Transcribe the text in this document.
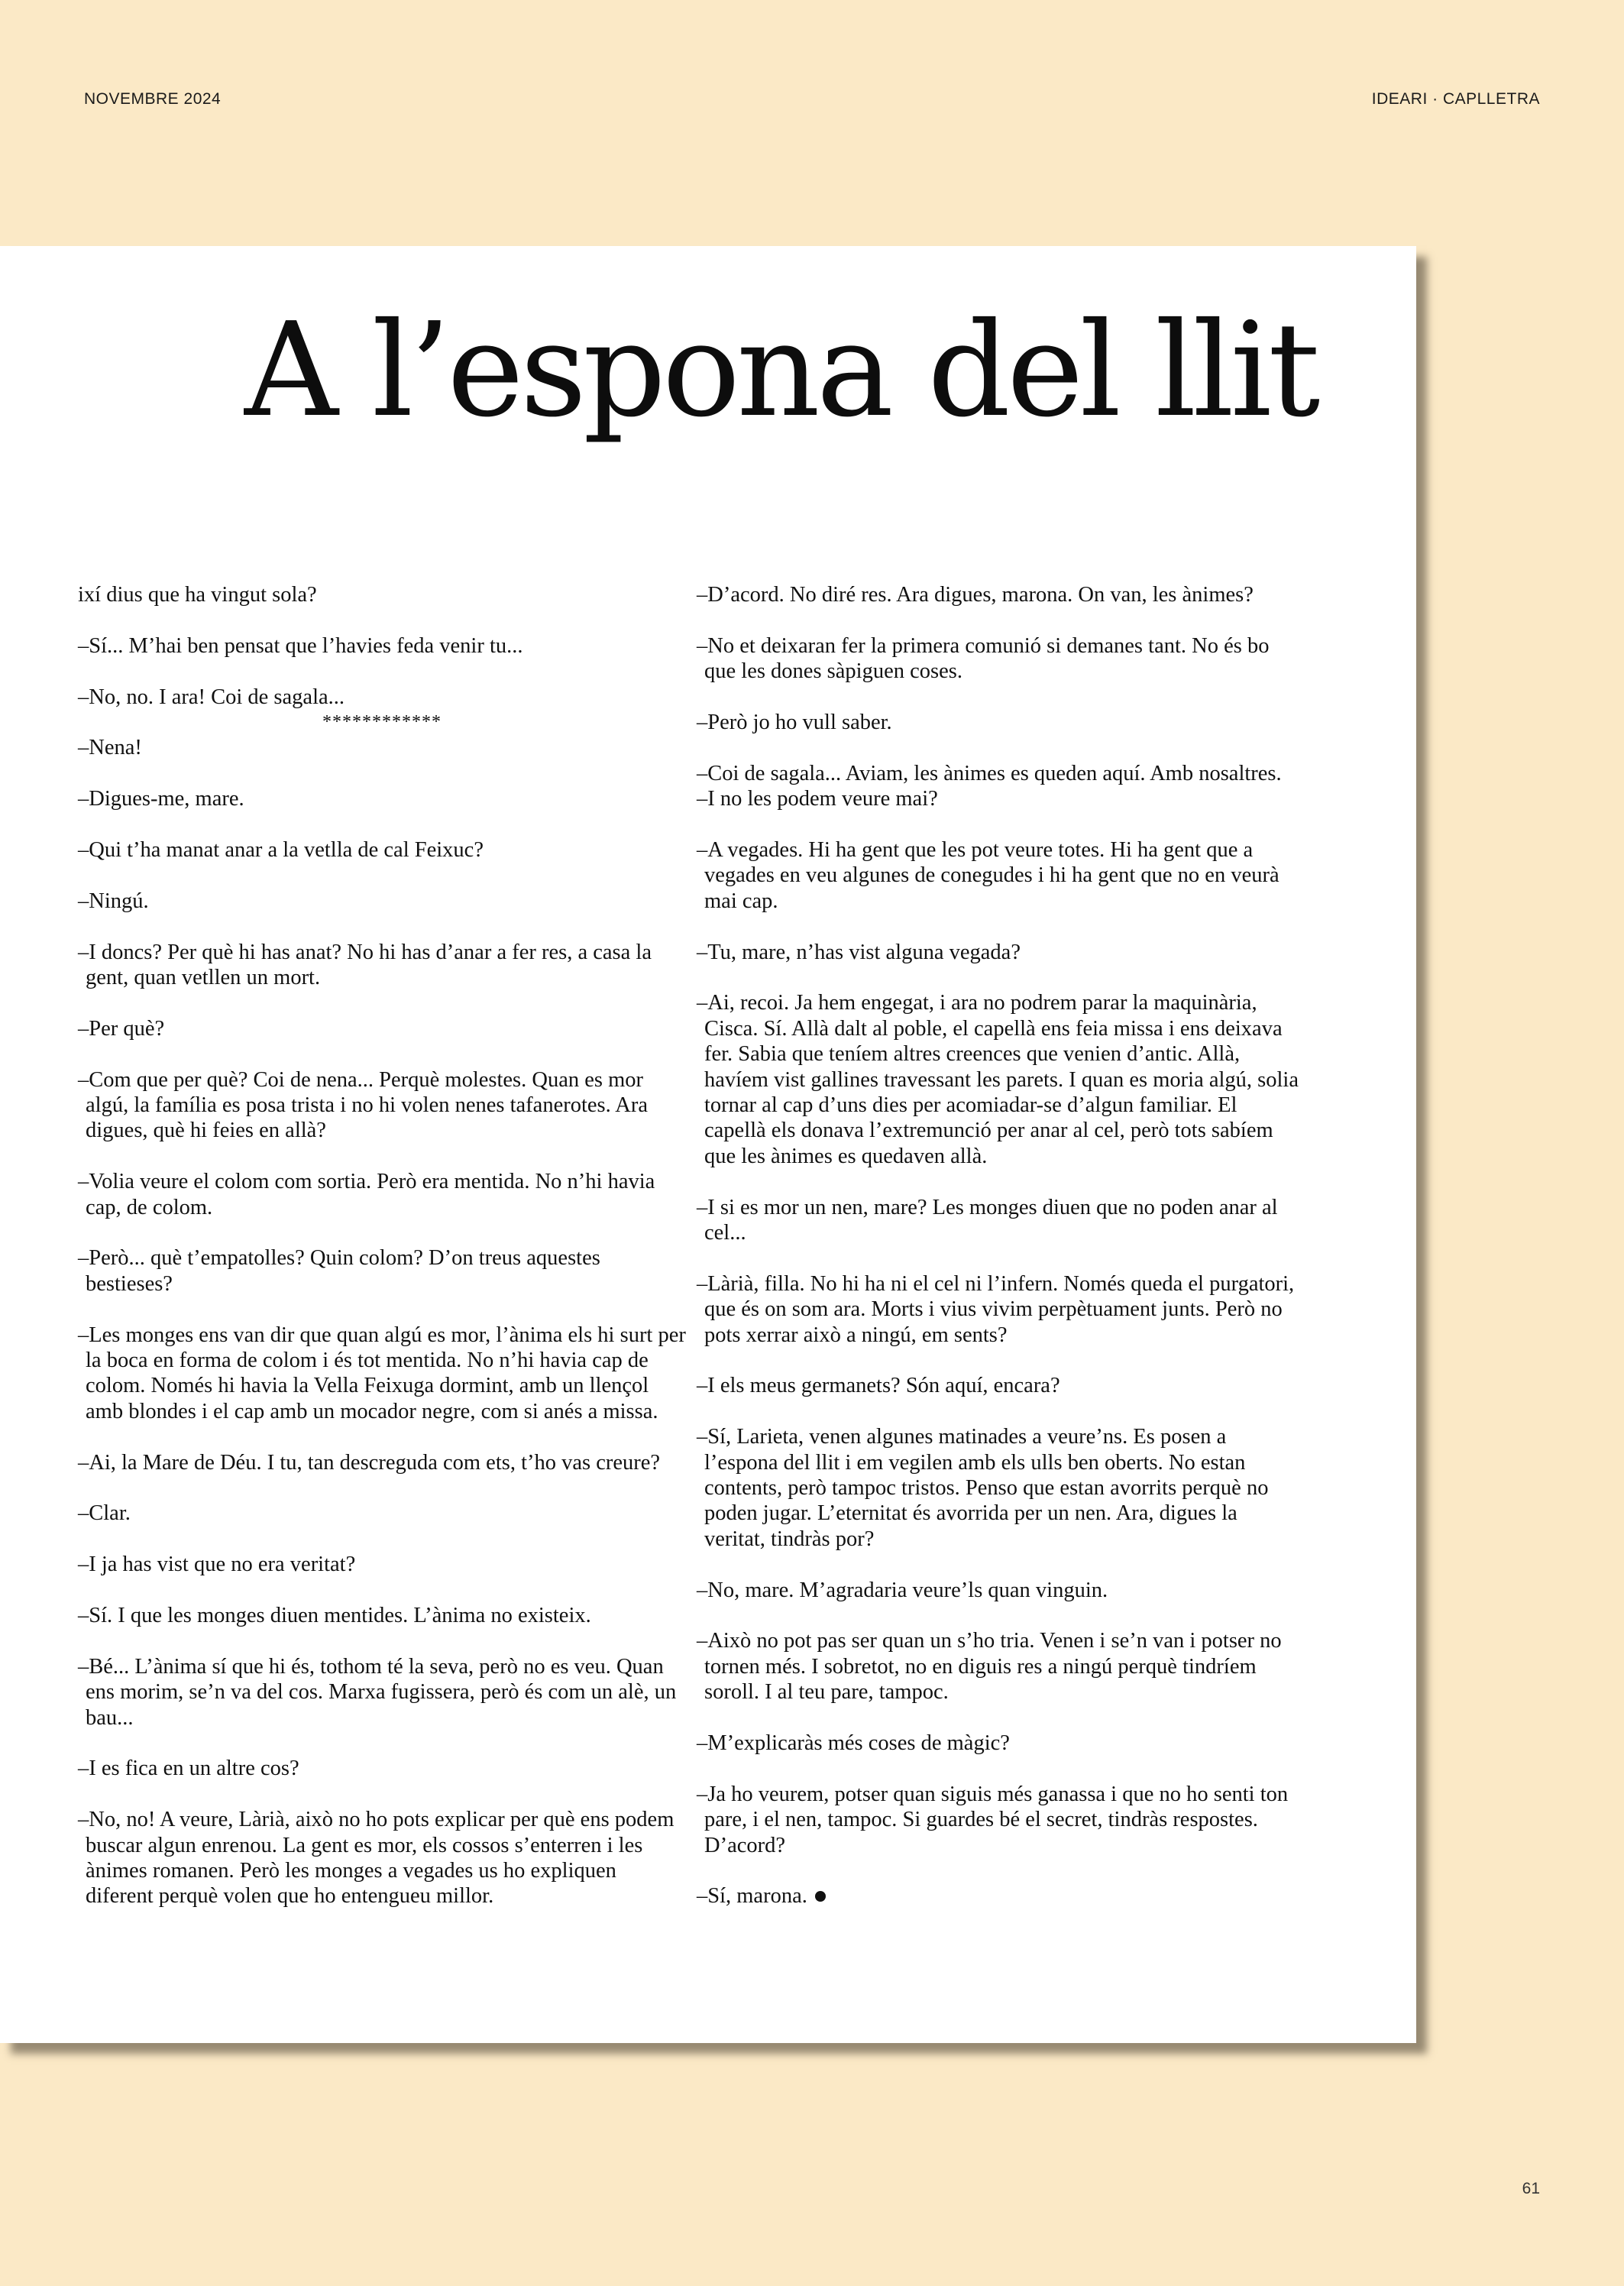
NOVEMBRE 2024	IDEARI · CAPLLETRA
A l’espona del llit

ixí dius que ha vingut sola?

–Sí... M’hai ben pensat que l’havies feda venir tu...

–No, no. I ara! Coi de sagala...

************

–Nena!

–Digues-me, mare.

–Qui t’ha manat anar a la vetlla de cal Feixuc?

–Ningú.

–I doncs? Per què hi has anat? No hi has d’anar a fer res, a casa la gent, quan vetllen un mort.

–Per què?

–Com que per què? Coi de nena... Perquè molestes. Quan es mor algú, la família es posa trista i no hi volen nenes tafanerotes. Ara digues, què hi feies en allà?

–Volia veure el colom com sortia. Però era mentida. No n’hi havia cap, de colom.

–Però... què t’empatolles? Quin colom? D’on treus aquestes bestieses?

–Les monges ens van dir que quan algú es mor, l’ànima els hi surt per la boca en forma de colom i és tot mentida. No n’hi havia cap de colom. Només hi havia la Vella Feixuga dormint, amb un llençol amb blondes i el cap amb un mocador negre, com si anés a missa.

–Ai, la Mare de Déu. I tu, tan descreguda com ets, t’ho vas creure?

–Clar.

–I ja has vist que no era veritat?

–Sí. I que les monges diuen mentides. L’ànima no existeix.

–Bé... L’ànima sí que hi és, tothom té la seva, però no es veu. Quan ens morim, se’n va del cos. Marxa fugissera, però és com un alè, un bau...

–I es fica en un altre cos?

–No, no! A veure, Làrià, això no ho pots explicar per què ens podem buscar algun enrenou. La gent es mor, els cossos s’enterren i les ànimes romanen. Però les monges a vegades us ho expliquen diferent perquè volen que ho entengueu millor.

–D’acord. No diré res. Ara digues, marona. On van, les ànimes?

–No et deixaran fer la primera comunió si demanes tant. No és bo que les dones sàpiguen coses.

–Però jo ho vull saber.

–Coi de sagala... Aviam, les ànimes es queden aquí. Amb nosaltres.

–I no les podem veure mai?

–A vegades. Hi ha gent que les pot veure totes. Hi ha gent que a vegades en veu algunes de conegudes i hi ha gent que no en veurà mai cap.

–Tu, mare, n’has vist alguna vegada?

–Ai, recoi. Ja hem engegat, i ara no podrem parar la maquinària, Cisca. Sí. Allà dalt al poble, el capellà ens feia missa i ens deixava fer. Sabia que teníem altres creences que venien d’antic. Allà, havíem vist gallines travessant les parets. I quan es moria algú, solia tornar al cap d’uns dies per acomiadar-se d’algun familiar. El capellà els donava l’extremunció per anar al cel, però tots sabíem que les ànimes es quedaven allà.

–I si es mor un nen, mare? Les monges diuen que no poden anar al cel...

–Làrià, filla. No hi ha ni el cel ni l’infern. Només queda el purgatori, que és on som ara. Morts i vius vivim perpètuament junts. Però no pots xerrar això a ningú, em sents?

–I els meus germanets? Són aquí, encara?

–Sí, Larieta, venen algunes matinades a veure’ns. Es posen a l’espona del llit i em vegilen amb els ulls ben oberts. No estan contents, però tampoc tristos. Penso que estan avorrits perquè no poden jugar. L’eternitat és avorrida per un nen. Ara, digues la veritat, tindràs por?

–No, mare. M’agradaria veure’ls quan vinguin.

–Això no pot pas ser quan un s’ho tria. Venen i se’n van i potser no tornen més. I sobretot, no en diguis res a ningú perquè tindríem soroll. I al teu pare, tampoc.

–M’explicaràs més coses de màgic?

–Ja ho veurem, potser quan siguis més ganassa i que no ho senti ton pare, i el nen, tampoc. Si guardes bé el secret, tindràs respostes. D’acord?

–Sí, marona.

61
